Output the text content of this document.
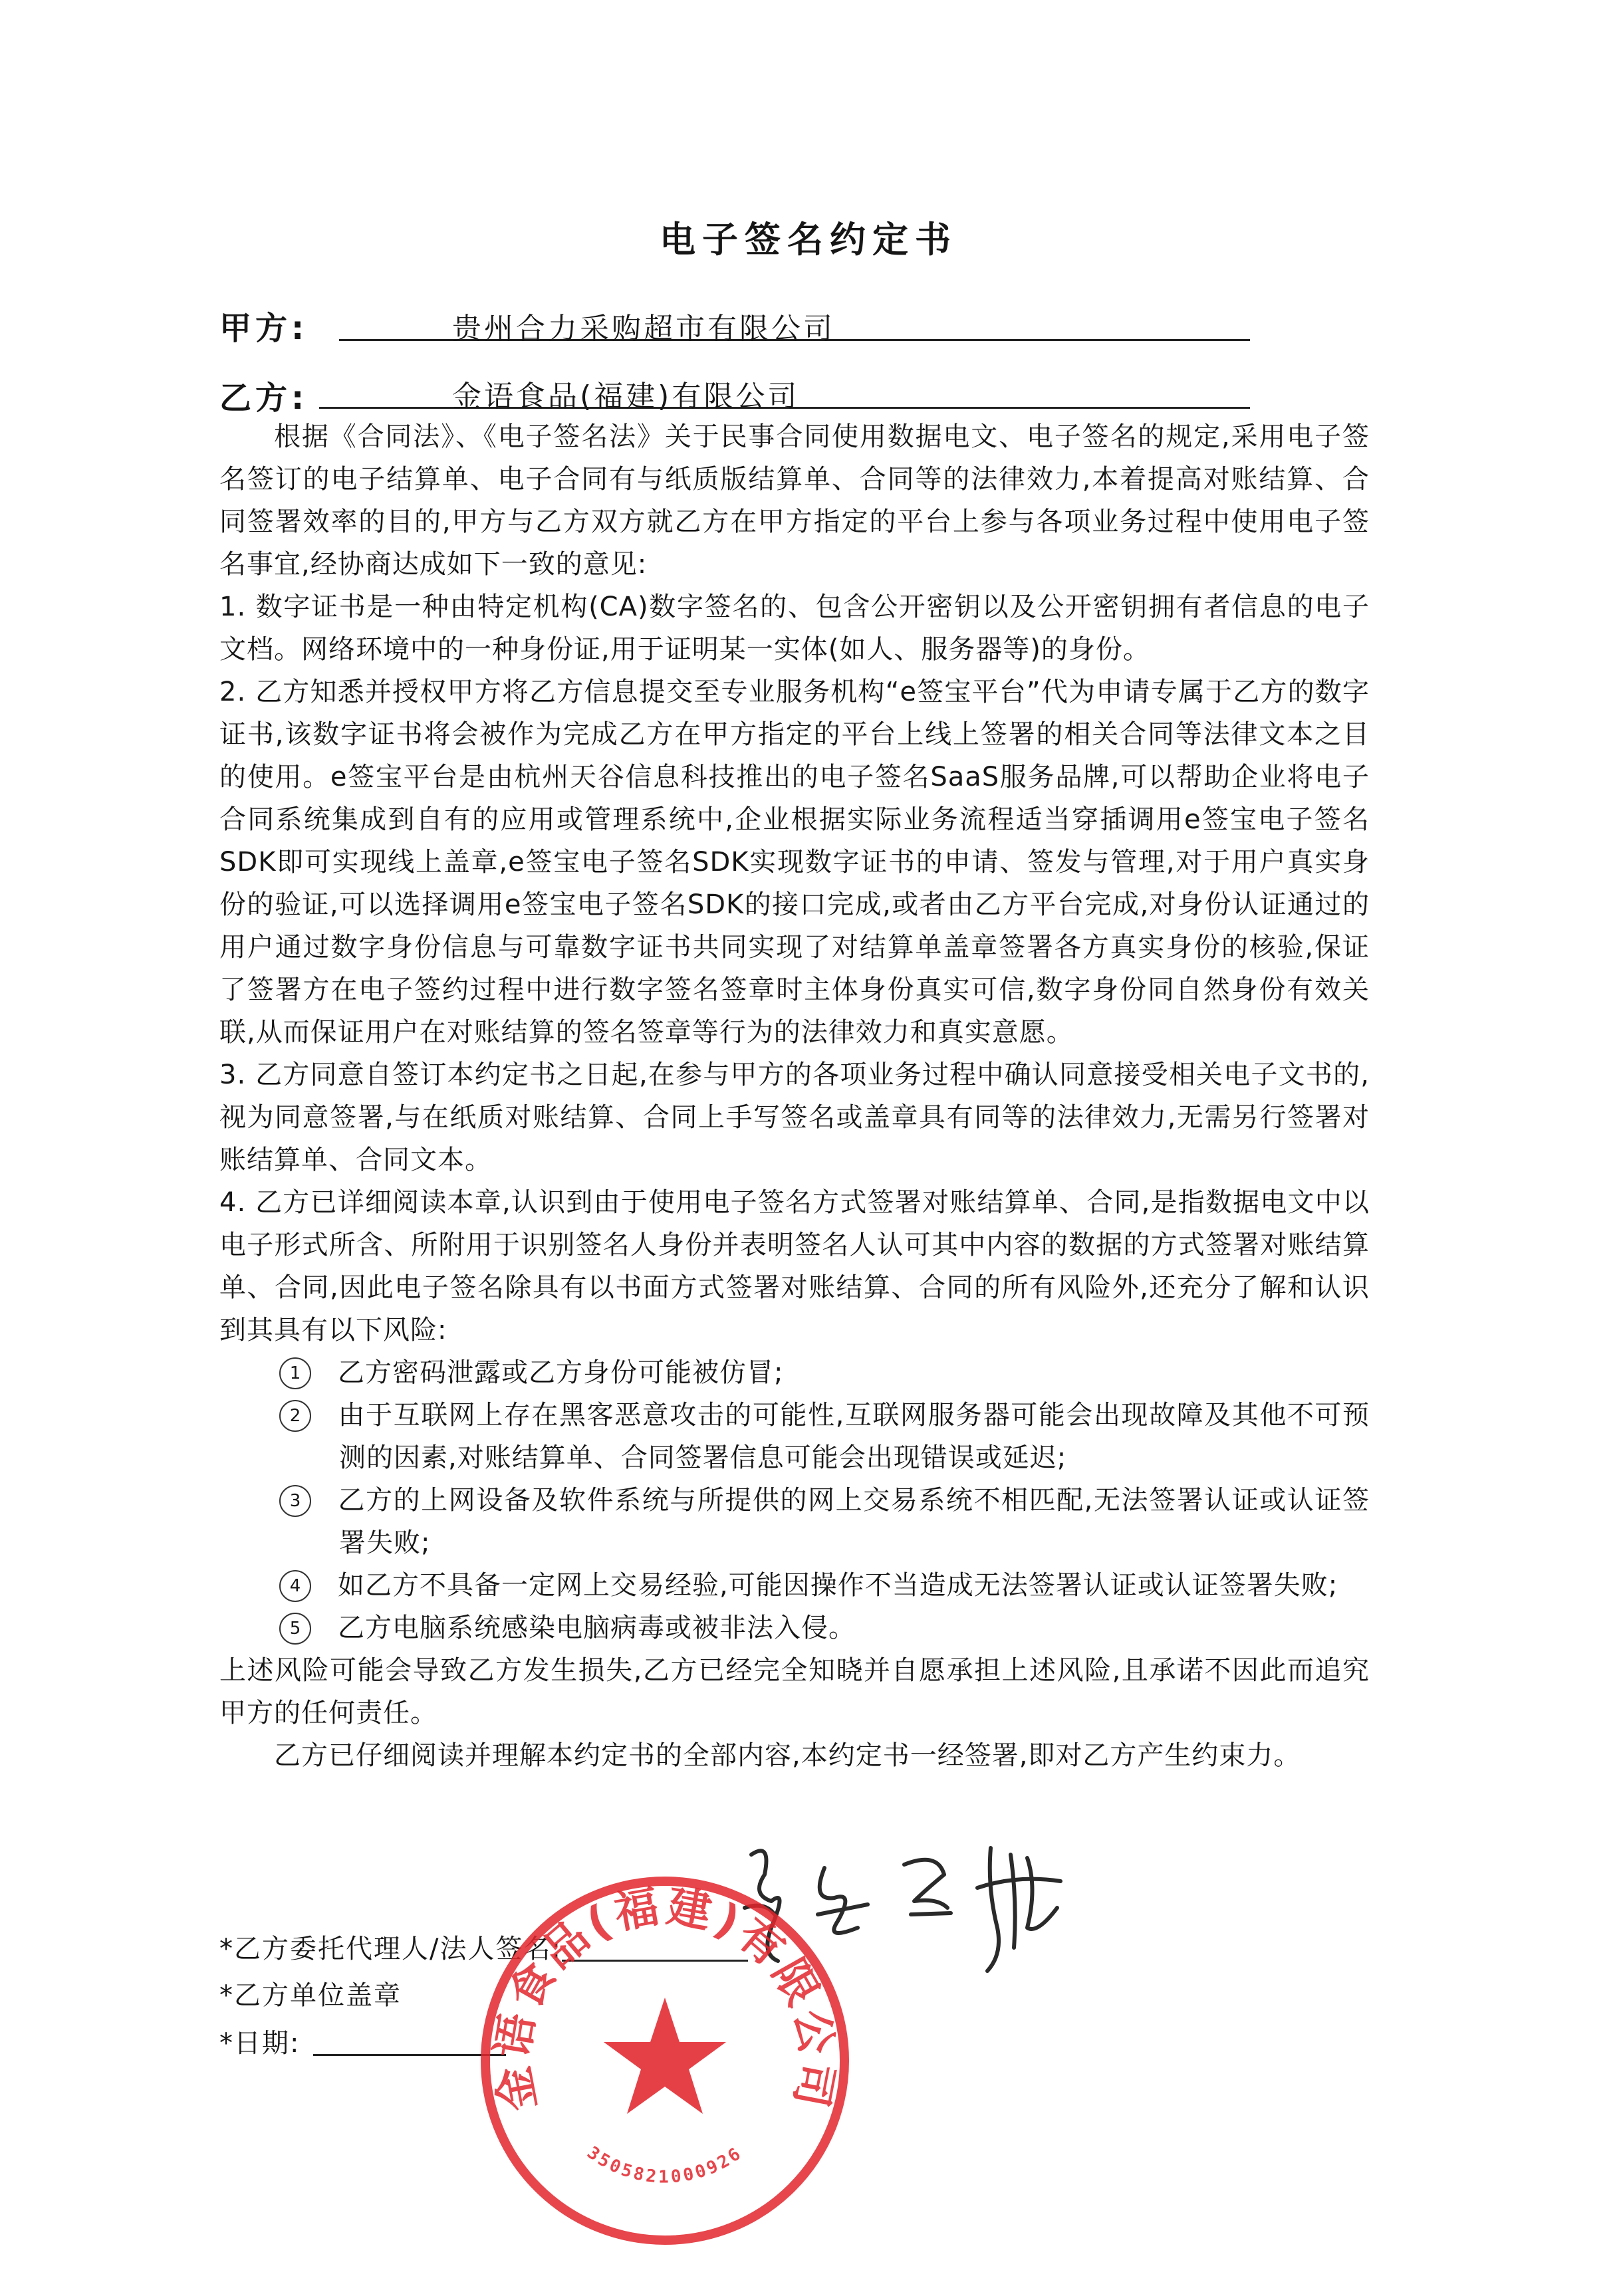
电子签名约定书
甲方:	贵州合力采购超市有限公司
乙方:	金语食品(福建)有限公司

根据《合同法》、《电子签名法》关于民事合同使用数据电文、电子签名的规定,采用电子签名签订的电子结算单、电子合同有与纸质版结算单、合同等的法律效力,本着提高对账结算、合同签署效率的目的,甲方与乙方双方就乙方在甲方指定的平台上参与各项业务过程中使用电子签名事宜,经协商达成如下一致的意见:

1. 数字证书是一种由特定机构(CA)数字签名的、包含公开密钥以及公开密钥拥有者信息的电子文档。网络环境中的一种身份证,用于证明某一实体(如人、服务器等)的身份。

2. 乙方知悉并授权甲方将乙方信息提交至专业服务机构“e签宝平台”代为申请专属于乙方的数字证书,该数字证书将会被作为完成乙方在甲方指定的平台上线上签署的相关合同等法律文本之目的使用。e签宝平台是由杭州天谷信息科技推出的电子签名SaaS服务品牌,可以帮助企业将电子合同系统集成到自有的应用或管理系统中,企业根据实际业务流程适当穿插调用e签宝电子签名SDK即可实现线上盖章,e签宝电子签名SDK实现数字证书的申请、签发与管理,对于用户真实身份的验证,可以选择调用e签宝电子签名SDK的接口完成,或者由乙方平台完成,对身份认证通过的用户通过数字身份信息与可靠数字证书共同实现了对结算单盖章签署各方真实身份的核验,保证了签署方在电子签约过程中进行数字签名签章时主体身份真实可信,数字身份同自然身份有效关联,从而保证用户在对账结算的签名签章等行为的法律效力和真实意愿。

3. 乙方同意自签订本约定书之日起,在参与甲方的各项业务过程中确认同意接受相关电子文书的,视为同意签署,与在纸质对账结算、合同上手写签名或盖章具有同等的法律效力,无需另行签署对账结算单、合同文本。

4. 乙方已详细阅读本章,认识到由于使用电子签名方式签署对账结算单、合同,是指数据电文中以电子形式所含、所附用于识别签名人身份并表明签名人认可其中内容的数据的方式签署对账结算单、合同,因此电子签名除具有以书面方式签署对账结算、合同的所有风险外,还充分了解和认识到其具有以下风险:

1 乙方密码泄露或乙方身份可能被仿冒;

2 由于互联网上存在黑客恶意攻击的可能性,互联网服务器可能会出现故障及其他不可预测的因素,对账结算单、合同签署信息可能会出现错误或延迟;

3 乙方的上网设备及软件系统与所提供的网上交易系统不相匹配,无法签署认证或认证签署失败;

4 如乙方不具备一定网上交易经验,可能因操作不当造成无法签署认证或认证签署失败;

5 乙方电脑系统感染电脑病毒或被非法入侵。

上述风险可能会导致乙方发生损失,乙方已经完全知晓并自愿承担上述风险,且承诺不因此而追究甲方的任何责任。

乙方已仔细阅读并理解本约定书的全部内容,本约定书一经签署,即对乙方产生约束力。

*乙方委托代理人/法人签名:
*乙方单位盖章
*日期:
金语食品(福建)有限公司
3505821000926
